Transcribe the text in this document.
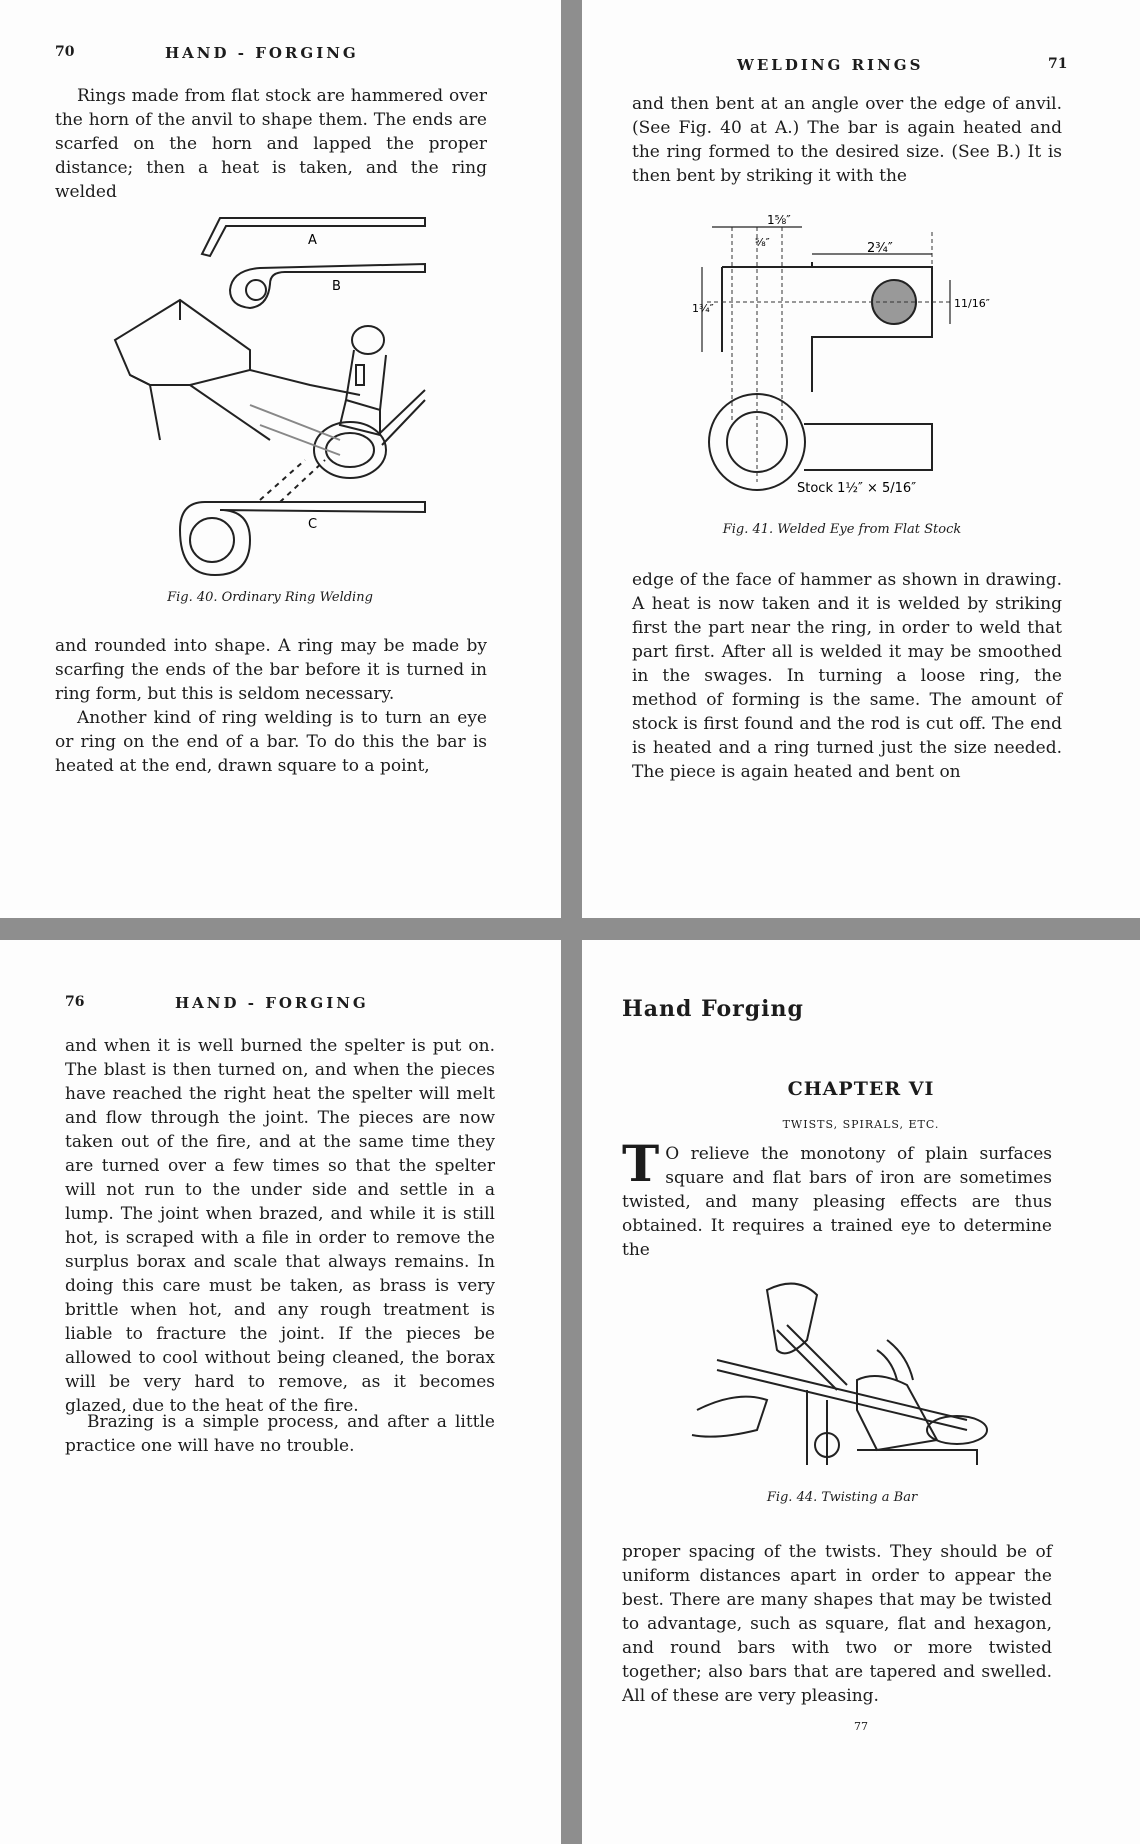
70	HAND - FORGING

Rings made from flat stock are hammered over the horn of the anvil to shape them. The ends are scarfed on the horn and lapped the proper distance; then a heat is taken, and the ring welded

A
B
C
Fig. 40. Ordinary Ring Welding

and rounded into shape. A ring may be made by scarfing the ends of the bar before it is turned in ring form, but this is seldom necessary.

Another kind of ring welding is to turn an eye or ring on the end of a bar. To do this the bar is heated at the end, drawn square to a point,

WELDING RINGS	71

and then bent at an angle over the edge of anvil. (See Fig. 40 at A.) The bar is again heated and the ring formed to the desired size. (See B.) It is then bent by striking it with the

1⅝″
⅝″	2¾″
1¾″	11/16″
Stock 1½″ × 5/16″
Fig. 41. Welded Eye from Flat Stock

edge of the face of hammer as shown in drawing. A heat is now taken and it is welded by striking first the part near the ring, in order to weld that part first. After all is welded it may be smoothed in the swages. In turning a loose ring, the method of forming is the same. The amount of stock is first found and the rod is cut off. The end is heated and a ring turned just the size needed. The piece is again heated and bent on

76	HAND - FORGING

and when it is well burned the spelter is put on. The blast is then turned on, and when the pieces have reached the right heat the spelter will melt and flow through the joint. The pieces are now taken out of the fire, and at the same time they are turned over a few times so that the spelter will not run to the under side and settle in a lump. The joint when brazed, and while it is still hot, is scraped with a file in order to remove the surplus borax and scale that always remains. In doing this care must be taken, as brass is very brittle when hot, and any rough treatment is liable to fracture the joint. If the pieces be allowed to cool without being cleaned, the borax will be very hard to remove, as it becomes glazed, due to the heat of the fire.

Brazing is a simple process, and after a little practice one will have no trouble.

Hand Forging
CHAPTER VI
TWISTS, SPIRALS, ETC.
T O relieve the monotony of plain surfaces square and flat bars of iron are sometimes twisted, and many pleasing effects are thus obtained. It requires a trained eye to determine the
Fig. 44. Twisting a Bar

proper spacing of the twists. They should be of uniform distances apart in order to appear the best. There are many shapes that may be twisted to advantage, such as square, flat and hexagon, and round bars with two or more twisted together; also bars that are tapered and swelled. All of these are very pleasing.

77
